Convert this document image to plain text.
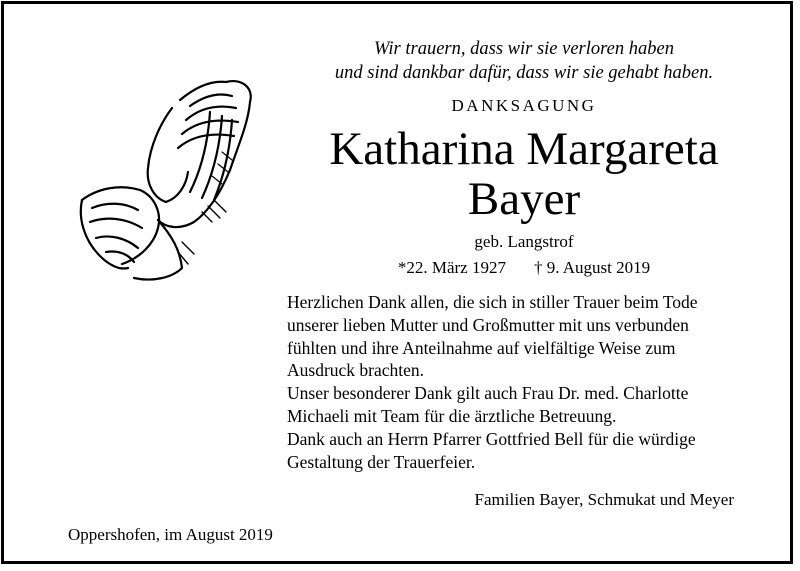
Wir trauern, dass wir sie verloren haben
und sind dankbar dafür, dass wir sie gehabt haben.
DANKSAGUNG
Katharina Margareta
Bayer
geb. Langstrof
*22. März 1927 † 9. August 2019
Herzlichen Dank allen, die sich in stiller Trauer beim Tode
unserer lieben Mutter und Großmutter mit uns verbunden
fühlten und ihre Anteilnahme auf vielfältige Weise zum
Ausdruck brachten.
Unser besonderer Dank gilt auch Frau Dr. med. Charlotte
Michaeli mit Team für die ärztliche Betreuung.
Dank auch an Herrn Pfarrer Gottfried Bell für die würdige
Gestaltung der Trauerfeier.
Familien Bayer, Schmukat und Meyer
Oppershofen, im August 2019
